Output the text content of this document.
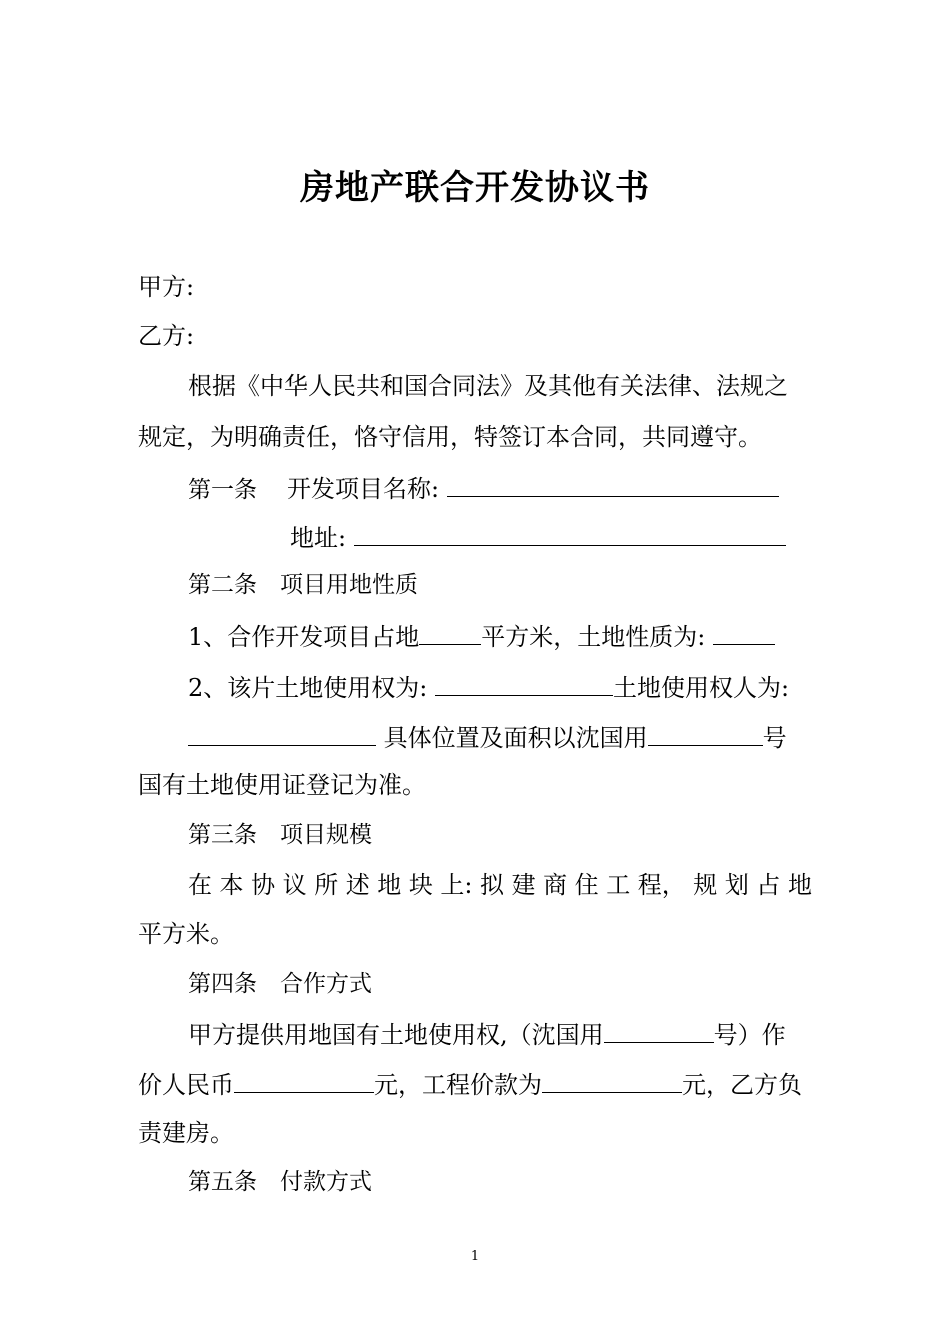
房地产联合开发协议书
甲方:
乙方:
根据《中华人民共和国合同法》及其他有关法律、法规之
规定，为明确责任，恪守信用，特签订本合同，共同遵守。
第一条 开发项目名称:
地址:
第二条　项目用地性质
1、合作开发项目占地	平方米，土地性质为:
2、该片土地使用权为:	土地使用权人为:
具体位置及面积以沈国用	号
国有土地使用证登记为准。
第三条　项目规模
在 本 协 议 所 述 地 块 上: 拟 建 商 住 工 程， 规 划 占 地
平方米。
第四条　合作方式
甲方提供用地国有土地使用权,（沈国用	号）作
价人民币	元，工程价款为	元，乙方负
责建房。
第五条　付款方式
1
